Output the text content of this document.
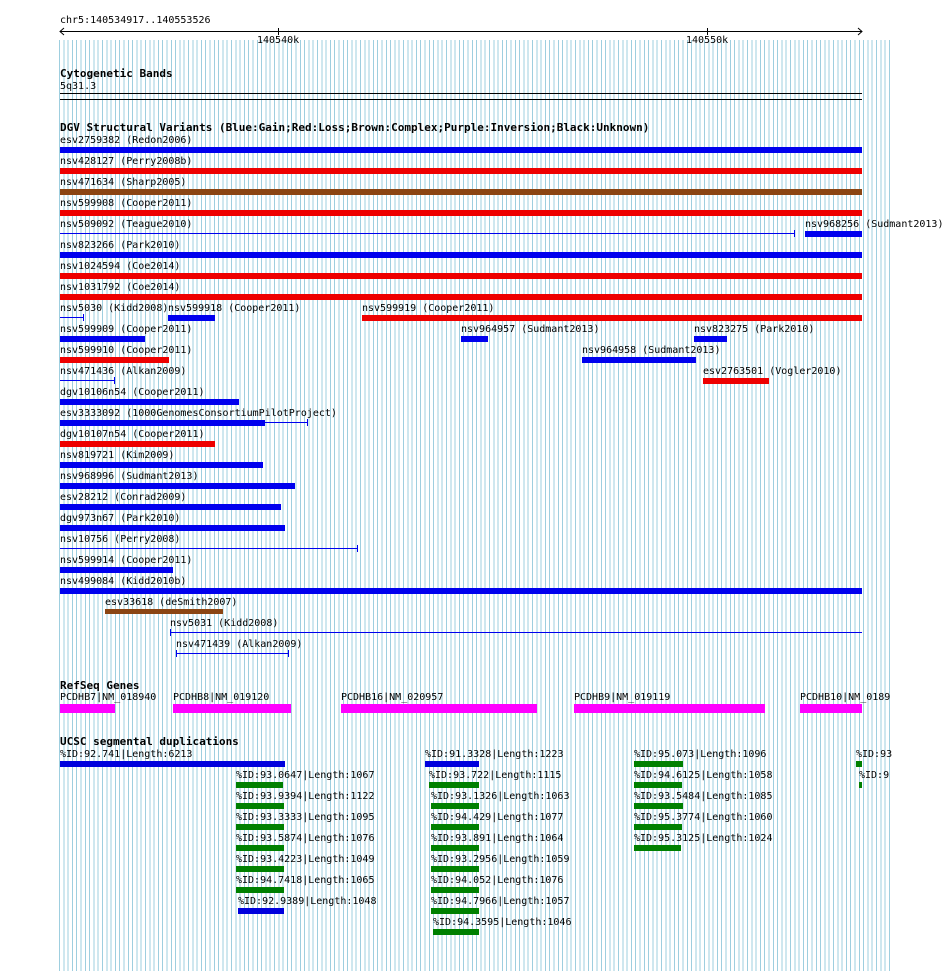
chr5:140534917..140553526
140540k	140550k
Cytogenetic Bands
5q31.3
DGV Structural Variants (Blue:Gain;Red:Loss;Brown:Complex;Purple:Inversion;Black:Unknown)
esv2759382 (Redon2006)
nsv428127 (Perry2008b)
nsv471634 (Sharp2005)
nsv599908 (Cooper2011)
nsv509092 (Teague2010)	nsv968256 (Sudmant2013)
nsv823266 (Park2010)
nsv1024594 (Coe2014)
nsv1031792 (Coe2014)
nsv5030 (Kidd2008) nsv599918 (Cooper2011)	nsv599919 (Cooper2011)
nsv599909 (Cooper2011)	nsv964957 (Sudmant2013)	nsv823275 (Park2010)
nsv599910 (Cooper2011)	nsv964958 (Sudmant2013)
nsv471436 (Alkan2009)	esv2763501 (Vogler2010)
dgv10106n54 (Cooper2011)
esv3333092 (1000GenomesConsortiumPilotProject)
dgv10107n54 (Cooper2011)
nsv819721 (Kim2009)
nsv968996 (Sudmant2013)
esv28212 (Conrad2009)
dgv973n67 (Park2010)
nsv10756 (Perry2008)
nsv599914 (Cooper2011)
nsv499084 (Kidd2010b)
esv33618 (deSmith2007)
nsv5031 (Kidd2008)
nsv471439 (Alkan2009)
RefSeq Genes
PCDHB7|NM_018940 PCDHB8|NM_019120	PCDHB16|NM_020957	PCDHB9|NM_019119	PCDHB10|NM_0189
UCSC segmental duplications
%ID:92.741|Length:6213
%ID:93.0647|Length:1067
%ID:93.9394|Length:1122
%ID:93.3333|Length:1095
%ID:93.5874|Length:1076
%ID:93.4223|Length:1049
%ID:94.7418|Length:1065
%ID:92.9389|Length:1048
%ID:91.3328|Length:1223
%ID:93.722|Length:1115
%ID:93.1326|Length:1063
%ID:94.429|Length:1077
%ID:93.891|Length:1064
%ID:93.2956|Length:1059
%ID:94.052|Length:1076
%ID:94.7966|Length:1057
%ID:94.3595|Length:1046
%ID:95.073|Length:1096
%ID:94.6125|Length:1058
%ID:93.5484|Length:1085
%ID:95.3774|Length:1060
%ID:95.3125|Length:1024
%ID:93
%ID:9
